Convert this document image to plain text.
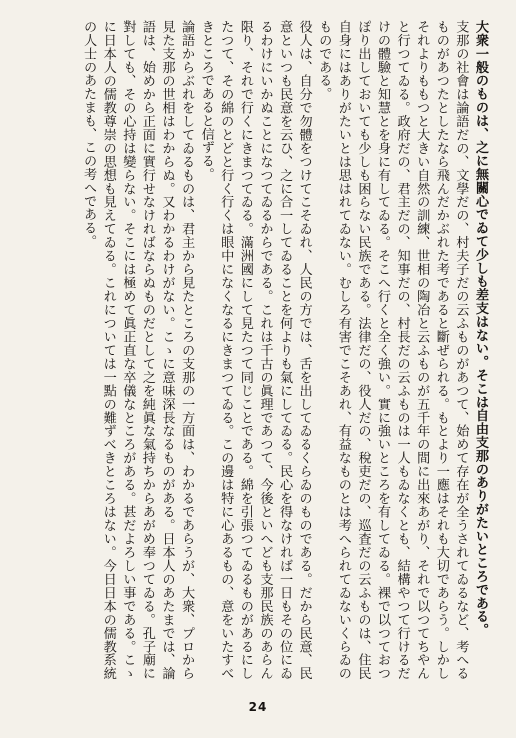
大衆一般のものは、之に無關心でゐて少しも差支はない。そこは自由支那のありがたいところである。

支那の社會は論語だの、文學だの、村夫子だの云ふものがあつて、始めて存在が全うされてゐるなど、考へるものがあつたとしたなら飛んだかぶれた考であると斷ぜられる。もとより一應はそれも大切であらう。しかしそれよりももつと大きい自然の訓練、世相の陶冶と云ふものが五千年の間に出來あがり、それで以つてちやんと行つてゐる。政府だの、君主だの、知事だの、村長だの云ふものは一人もゐなくとも、結構やつて行けるだけの體驗と知慧とを身に有してゐる。そこへ行くと全く強い。實に強いところを有してゐる。裸で以つておつぽり出しておいても少しも困らない民族である。法律だの、役人だの、稅吏だの、巡査だの云ふものは、住民自身にはありがたいとは思はれてゐない。むしろ有害でこそあれ、有益なものとは考へられてゐないくらゐのものである。

役人は、自分で勿體をつけてこそゐれ、人民の方では、舌を出してゐるくらゐのものである。だから民意、民意といつも民意を云ひ、之に合一してゐることを何よりも氣にしてゐる。民心を得なければ一日もその位にゐるわけにいかぬことになつてゐるからである。これは千古の眞理であつて、今後といへども支那民族のあらん限り、それで行くにきまつてゐる。滿洲國にして見たつて同じことである。綿を引張つてゐるものがあるにしたつて、その綿のとどと行く行くは眼中になくなるにきまつてゐる。この邊は特に心あるもの、意をいたすべきところであると信ずる。

論語からぶれをしてゐるものは、君主から見たところの支那の一方面は、わかるであらうが、大衆、プロから見た支那の世相はわからぬ。又わかるわけがない。こゝに意味深長なるものがある。日本人のあたまでは、論語は、始めから正面に實行せなければならぬものだとして之を純眞な氣持ちからあがめ奉つてゐる。孔子廟に對しても、その心持は變らない。そこには極めて眞正直な卒儀なところがある。甚だよろしい事である。こゝに日本人の儒教尊崇の思想も見えてゐる。これについては一點の難ずべきところはない。今日日本の儒教系統の人士のあたまも、この考へである。

24
